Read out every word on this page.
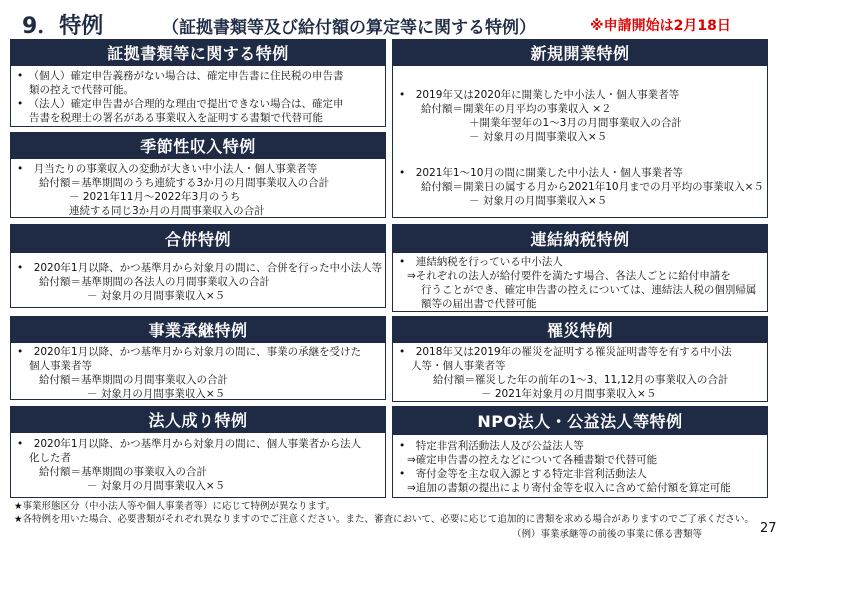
9．特例	（証拠書類等及び給付額の算定等に関する特例）	※申請開始は2月18日
証拠書類等に関する特例

•　（個人）確定申告義務がない場合は、確定申告書に住民税の申告書

類の控えで代替可能。

•　（法人）確定申告書が合理的な理由で提出できない場合は、確定申

告書を税理士の署名がある事業収入を証明する書類で代替可能

季節性収入特例

•　月当たりの事業収入の変動が大きい中小法人・個人事業者等

給付額＝基準期間のうち連続する3か月の月間事業収入の合計

－ 2021年11月～2022年3月のうち

連続する同じ3か月の月間事業収入の合計

合併特例

•　2020年1月以降、かつ基準月から対象月の間に、合併を行った中小法人等

給付額＝基準期間の各法人の月間事業収入の合計

－ 対象月の月間事業収入×５

事業承継特例

•　2020年1月以降、かつ基準月から対象月の間に、事業の承継を受けた

個人事業者等

給付額＝基準期間の月間事業収入の合計

－ 対象月の月間事業収入×５

法人成り特例

•　2020年1月以降、かつ基準月から対象月の間に、個人事業者から法人

化した者

給付額＝基準期間の事業収入の合計

－ 対象月の月間事業収入×５

新規開業特例

•　2019年又は2020年に開業した中小法人・個人事業者等

給付額＝開業年の月平均の事業収入 ×２

＋開業年翌年の1～3月の月間事業収入の合計

－ 対象月の月間事業収入×５

•　2021年1～10月の間に開業した中小法人・個人事業者等

給付額＝開業日の属する月から2021年10月までの月平均の事業収入×５

－ 対象月の月間事業収入×５

連結納税特例

•　連結納税を行っている中小法人

⇒それぞれの法人が給付要件を満たす場合、各法人ごとに給付申請を

行うことができ、確定申告書の控えについては、連結法人税の個別帰属

額等の届出書で代替可能

罹災特例

•　2018年又は2019年の罹災を証明する罹災証明書等を有する中小法

人等・個人事業者等

給付額＝罹災した年の前年の1～3、11,12月の事業収入の合計

－ 2021年対象月の月間事業収入×５

NPO法人・公益法人等特例

•　特定非営利活動法人及び公益法人等

⇒確定申告書の控えなどについて各種書類で代替可能

•　寄付金等を主な収入源とする特定非営利活動法人

⇒追加の書類の提出により寄付金等を収入に含めて給付額を算定可能

★事業形態区分（中小法人等や個人事業者等）に応じて特例が異なります。

★各特例を用いた場合、必要書類がそれぞれ異なりますのでご注意ください。また、審査において、必要に応じて追加的に書類を求める場合がありますのでご了承ください。

（例）事業承継等の前後の事業に係る書類等	27
